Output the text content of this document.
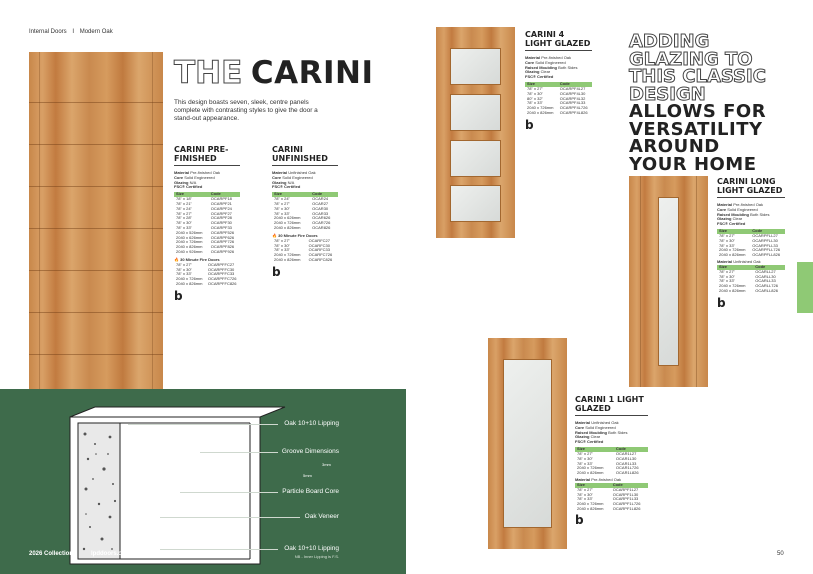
Internal Doors I Modern Oak
THE CARINI
This design boasts seven, sleek, centre panels complete with contrasting styles to give the door a stand-out appearance.
CARINI PRE-FINISHED
Material Pre-finished Oak
Core Solid Engineered
Glazing N/A
FSC® Certified
Size	Code
78" x 18"	OCARPF18
78" x 21"	OCARPF21
78" x 24"	OCARPF24
78" x 27"	OCARPF27
78" x 28"	OCARPF28
78" x 30"	OCARPF30
78" x 33"	OCARPF33
2040 x 526mm	OCARPF526
2040 x 626mm	OCARPF626
2040 x 726mm	OCARPF726
2040 x 826mm	OCARPF826
2040 x 926mm	OCARPF926
🔥 30 Minute Fire Doors
78" x 27"	OCARPFFC27
78" x 30"	OCARPFFC30
78" x 33"	OCARPFFC33
2040 x 726mm	OCARPFFC726
2040 x 826mm	OCARPFFC826
b
CARINI UNFINISHED
Material Unfinished Oak
Core Solid Engineered
Glazing N/A
FSC® Certified
Size	Code
78" x 24"	OCAR24
78" x 27"	OCAR27
78" x 30"	OCAR30
78" x 33"	OCAR33
2040 x 626mm	OCAR626
2040 x 726mm	OCAR726
2040 x 826mm	OCAR826
🔥 30 Minute Fire Doors
78" x 27"	OCARFC27
78" x 30"	OCARFC30
78" x 33"	OCARFC33
2040 x 726mm	OCARFC726
2040 x 826mm	OCARFC826
b
Oak 10+10 Lipping
Groove Dimensions
3mm
5mm
Particle Board Core
Oak Veneer
Oak 10+10 Lipping
NB - Inner Lipping is F.S.
2026 Collection	lpddoors.co.uk
CARINI 4 LIGHT GLAZED
Material Pre-finished Oak
Core Solid Engineered
Raised Moulding Both Sides
Glazing Clear
FSC® Certified
Size	Code
78" x 27"	OCARPF4L27
78" x 30"	OCARPF4L30
80" x 32"	OCARPF4L32
78" x 33"	OCARPF4L33
2040 x 726mm	OCARPF4L726
2040 x 826mm	OCARPF4L826
b
ADDING GLAZING TO THIS CLASSIC DESIGN ALLOWS FOR VERSATILITY AROUND YOUR HOME
CARINI LONG LIGHT GLAZED
Material Pre-finished Oak
Core Solid Engineered
Raised Moulding Both Sides
Glazing Clear
FSC® Certified
Size	Code
78" x 27"	OCARPFLL27
78" x 30"	OCARPFLL30
78" x 33"	OCARPFLL33
2040 x 726mm	OCARPFLL726
2040 x 826mm	OCARPFLL826
Material Unfinished Oak
Size	Code
78" x 27"	OCARLL27
78" x 30"	OCARLL30
78" x 33"	OCARLL33
2040 x 726mm	OCARLL726
2040 x 826mm	OCARLL826
b
CARINI 1 LIGHT GLAZED
Material Unfinished Oak
Core Solid Engineered
Raised Moulding Both Sides
Glazing Clear
FSC® Certified
Size	Code
78" x 27"	OCAR1L27
78" x 30"	OCAR1L30
78" x 33"	OCAR1L33
2040 x 726mm	OCAR1L726
2040 x 826mm	OCAR1L826
Material Pre-finished Oak
Size	Code
78" x 27"	OCARPF1L27
78" x 30"	OCARPF1L30
78" x 33"	OCARPF1L33
2040 x 726mm	OCARPF1L726
2040 x 826mm	OCARPF1L826
b
50
